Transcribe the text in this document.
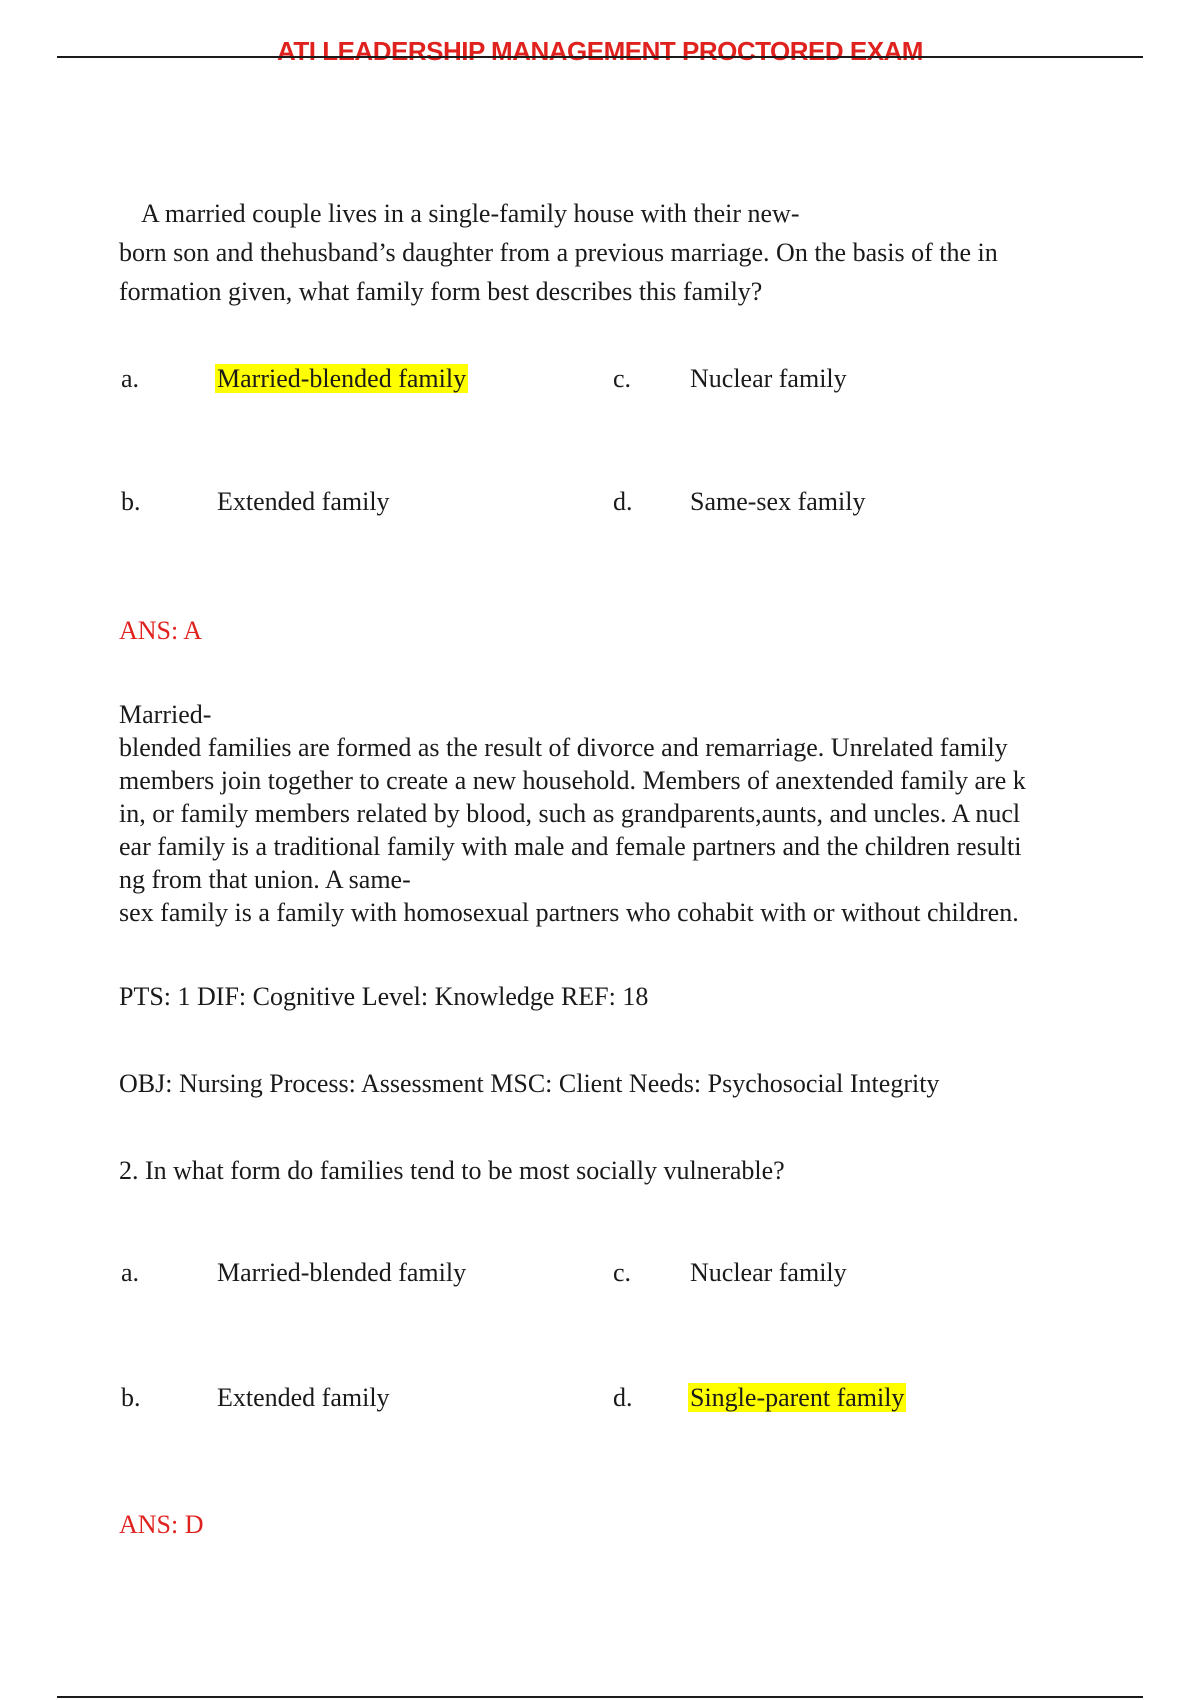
ATI LEADERSHIP MANAGEMENT PROCTORED EXAM
A married couple lives in a single-family house with their new-
born son and thehusband’s daughter from a previous marriage. On the basis of the in
formation given, what family form best describes this family?
a.	Married-blended family	c. Nuclear family
b.	Extended family	d. Same-sex family
ANS: A
Married-
blended families are formed as the result of divorce and remarriage. Unrelated family
members join together to create a new household. Members of anextended family are k
in, or family members related by blood, such as grandparents,aunts, and uncles. A nucl
ear family is a traditional family with male and female partners and the children resulti
ng from that union. A same-
sex family is a family with homosexual partners who cohabit with or without children.
PTS: 1 DIF: Cognitive Level: Knowledge REF: 18
OBJ: Nursing Process: Assessment MSC: Client Needs: Psychosocial Integrity
2. In what form do families tend to be most socially vulnerable?
a.	Married-blended family	c. Nuclear family
b.	Extended family	d. Single-parent family
ANS: D
